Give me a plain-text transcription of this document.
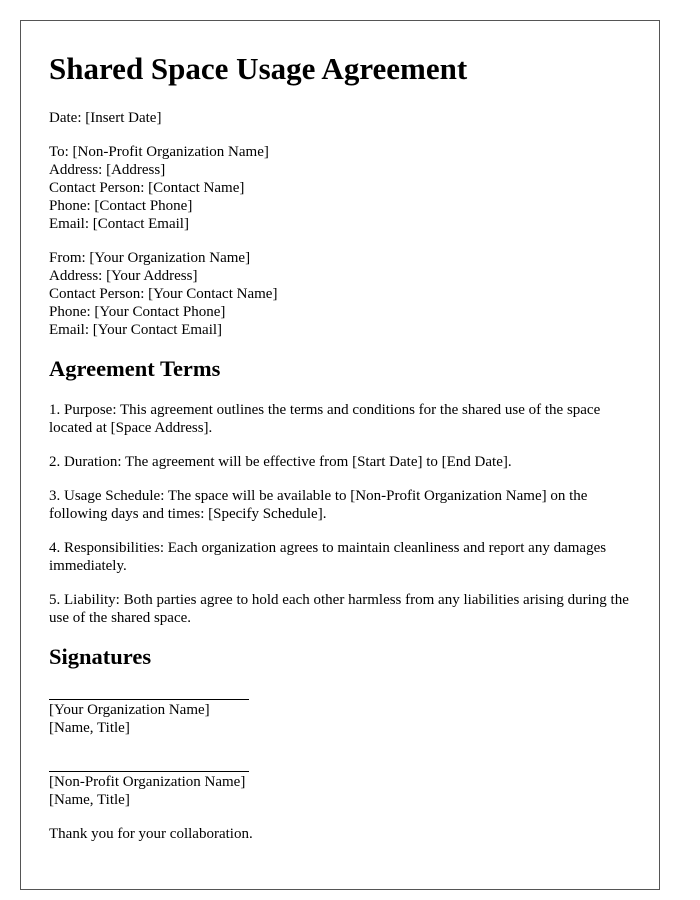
Shared Space Usage Agreement

Date: [Insert Date]

To: [Non-Profit Organization Name]

Address: [Address]

Contact Person: [Contact Name]

Phone: [Contact Phone]

Email: [Contact Email]

From: [Your Organization Name]

Address: [Your Address]

Contact Person: [Your Contact Name]

Phone: [Your Contact Phone]

Email: [Your Contact Email]

Agreement Terms

1. Purpose: This agreement outlines the terms and conditions for the shared use of the space located at [Space Address].

2. Duration: The agreement will be effective from [Start Date] to [End Date].

3. Usage Schedule: The space will be available to [Non-Profit Organization Name] on the following days and times: [Specify Schedule].

4. Responsibilities: Each organization agrees to maintain cleanliness and report any damages immediately.

5. Liability: Both parties agree to hold each other harmless from any liabilities arising during the use of the shared space.

Signatures

[Your Organization Name]

[Name, Title]

[Non-Profit Organization Name]

[Name, Title]

Thank you for your collaboration.
